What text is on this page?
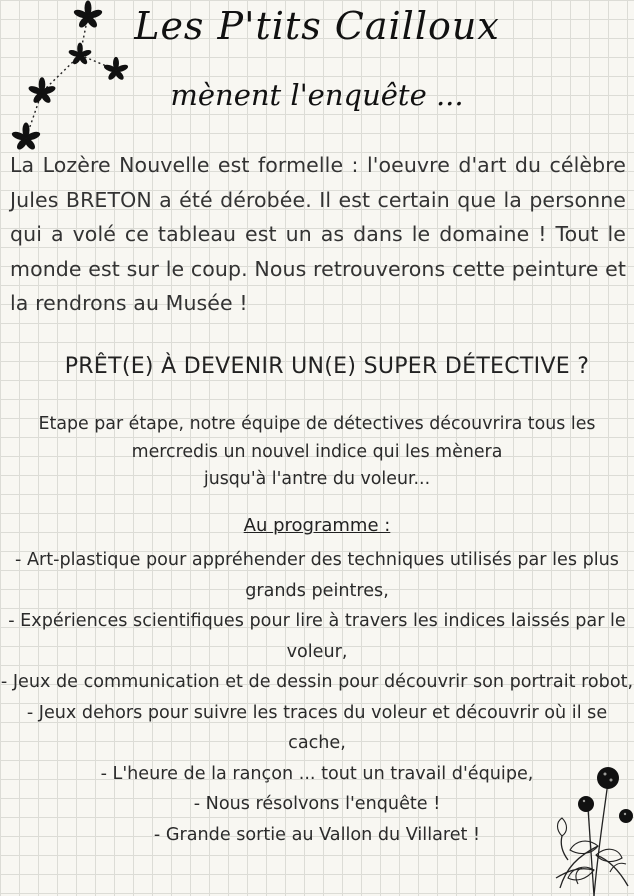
Les P'tits Cailloux
mènent l'enquête ...
La Lozère Nouvelle est formelle : l'oeuvre d'art du célèbre Jules BRETON a été dérobée. Il est certain que la personne qui a volé ce tableau est un as dans le domaine ! Tout le monde est sur le coup. Nous retrouverons cette peinture et la rendrons au Musée !
PRÊT(E) À DEVENIR UN(E) SUPER DÉTECTIVE ?
Etape par étape, notre équipe de détectives découvrira tous les
mercredis un nouvel indice qui les mènera
jusqu'à l'antre du voleur...
Au programme :
- Art-plastique pour appréhender des techniques utilisés par les plus grands peintres,
- Expériences scientifiques pour lire à travers les indices laissés par le voleur,
- Jeux de communication et de dessin pour découvrir son portrait robot,
- Jeux dehors pour suivre les traces du voleur et découvrir où il se cache,
- L'heure de la rançon ... tout un travail d'équipe,
- Nous résolvons l'enquête !
- Grande sortie au Vallon du Villaret !
